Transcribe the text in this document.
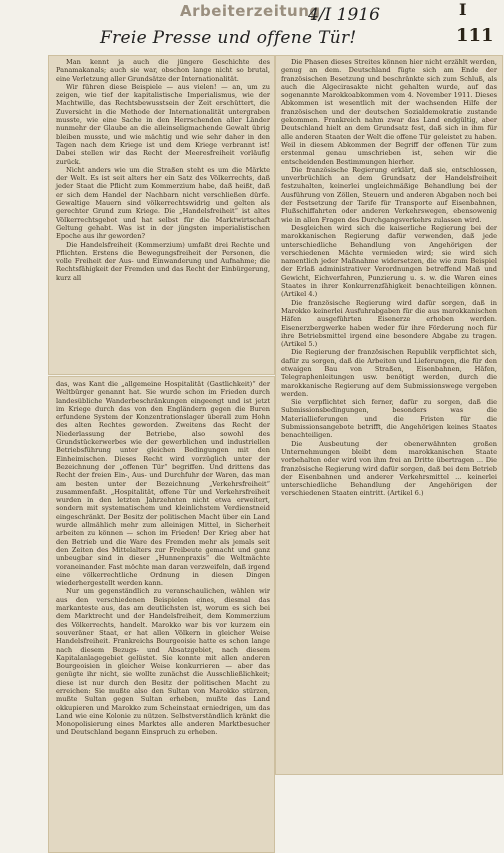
Arbeiterzeitung
4/I 1916
Freie Presse und offene Tür!
I
111

Man kennt ja auch die jüngere Geschichte des Panamakanals; auch sie war, obschon lange nicht so brutal, eine Verletzung aller Grundsätze der Internationalität.

Wir führen diese Beispiele — aus vielen! — an, um zu zeigen, wie tief der kapitalistische Imperialismus, wie der Machtwille, das Rechtsbewusstsein der Zeit erschüttert, die Zuversicht in die Methode der Internationalität untergraben musste, wie eine Sache in den Herrschenden aller Länder nunmehr der Glaube an die alleinseligmachende Gewalt übrig bleiben musste, und wie mächtig und wie sehr daher in den Tagen nach dem Kriege ist und dem Kriege verbrannt ist! Dabei stellen wir das Recht der Meeresfreiheit vorläufig zurück.

Nicht anders wie um die Straßen steht es um die Märkte der Welt. Es ist seit alters her ein Satz des Völkerrechts, daß jeder Staat die Pflicht zum Kommerzium habe, daß heißt, daß er sich dem Handel der Nachbarn nicht verschließen dürfe. Gewaltige Mauern sind völkerrechtswidrig und gelten als gerechter Grund zum Kriege. Die „Handelsfreiheit“ ist altes Völkerrechtsgebot und hat selbst für die Marktwirtschaft Geltung gehabt. Was ist in der jüngsten imperialistischen Epoche aus ihr geworden?

Die Handelsfreiheit (Kommerzium) umfaßt drei Rechte und Pflichten. Erstens die Bewegungsfreiheit der Personen, die volle Freiheit der Aus- und Einwanderung und Aufnahme; die Rechtsfähigkeit der Fremden und das Recht der Einbürgerung, kurz all

Die Phasen dieses Streites können hier nicht erzählt werden, genug an dem. Deutschland fügte sich am Ende der französischen Besetzung und beschränkte sich zum Schluß, als auch die Algecirasakte nicht gehalten wurde, auf das sogenannte Marokkoabkommen vom 4. November 1911. Dieses Abkommen ist wesentlich mit der wachsenden Hilfe der französischen und der deutschen Sozialdemokratie zustande gekommen. Frankreich nahm zwar das Land endgültig, aber Deutschland hielt an dem Grundsatz fest, daß sich in ihm für alle anderen Staaten der Welt die offene Tür geleistet zu haben. Weil in diesem Abkommen der Begriff der offenen Tür zum erstenmal genau umschrieben ist, sehen wir die entscheidenden Bestimmungen hierher.

Die französische Regierung erklärt, daß sie, entschlossen, unverbrüchlich an dem Grundsatz der Handelsfreiheit festzuhalten, keinerlei ungleichmäßige Behandlung bei der Ausführung von Zöllen, Steuern und anderen Abgaben noch bei der Festsetzung der Tarife für Transporte auf Eisenbahnen, Flußschiffahrten oder anderen Verkehrswegen, ebensowenig wie in allen Fragen des Durchgangsverkehrs zulassen wird.

Desgleichen wird sich die kaiserliche Regierung bei der marokkanischen Regierung dafür verwenden, daß jede unterschiedliche Behandlung von Angehörigen der verschiedenen Mächte vermieden wird; sie wird sich namentlich jeder Maßnahme widersetzen, die wie zum Beispiel der Erlaß administrativer Verordnungen betreffend Maß und Gewicht, Eichverfahren, Punzierung u. s. w. die Waren eines Staates in ihrer Konkurrenzfähigkeit benachteiligen können. (Artikel 4.)

Die französische Regierung wird dafür sorgen, daß in Marokko keinerlei Ausfuhrabgaben für die aus marokkanischen Häfen ausgeführten Eisenerze erhoben werden. Eisenerzbergwerke haben weder für ihre Förderung noch für ihre Betriebsmittel irgend eine besondere Abgabe zu tragen. (Artikel 5.)

Die Regierung der französischen Republik verpflichtet sich, dafür zu sorgen, daß die Arbeiten und Lieferungen, die für den etwaigen Bau von Straßen, Eisenbahnen, Häfen, Telegraphenleitungen usw. benötigt werden, durch die marokkanische Regierung auf dem Submissionswege vergeben werden.

Sie verpflichtet sich ferner, dafür zu sorgen, daß die Submissionsbedingungen, besonders was die Materiallieferungen und die Fristen für die Submissionsangebote betrifft, die Angehörigen keines Staates benachteiligen.

Die Ausbeutung der obenerwähnten großen Unternehmungen bleibt dem marokkanischen Staate vorbehalten oder wird von ihm frei an Dritte übertragen ... Die französische Regierung wird dafür sorgen, daß bei dem Betrieb der Eisenbahnen und anderer Verkehrsmittel ... keinerlei unterschiedliche Behandlung der Angehörigen der verschiedenen Staaten eintritt. (Artikel 6.)

das, was Kant die „allgemeine Hospitalität (Gastlichkeit)“ der Weltbürger genannt hat. Sie wurde schon im Frieden durch landesübliche Wanderbeschränkungen eingeengt und ist jetzt im Kriege durch das von den Engländern gegen die Buren erfundene System der Konzentrationslager überall zum Hohn des alten Rechtes geworden. Zweitens das Recht der Niederlassung der Betriebe, also sowohl des Grundstückerwerbes wie der gewerblichen und industriellen Betriebsführung unter gleichen Bedingungen mit den Einheimischen. Dieses Recht wird vorzüglich unter der Bezeichnung der „offenen Tür“ begriffen. Und drittens das Recht der freien Ein-, Aus- und Durchfuhr der Waren, das man am besten unter der Bezeichnung „Verkehrsfreiheit“ zusammenfaßt. „Hospitalität, offene Tür und Verkehrsfreiheit wurden in den letzten Jahrzehnten nicht etwa erweitert, sondern mit systematischem und kleinlichstem Verdienstneid eingeschränkt. Der Besitz der politischen Macht über ein Land wurde allmählich mehr zum alleinigen Mittel, in Sicherheit arbeiten zu können — schon im Frieden! Der Krieg aber hat den Betrieb und die Ware des Fremden mehr als jemals seit den Zeiten des Mittelalters zur Freibeute gemacht und ganz unbeugbar sind in dieser „Hunnenpraxis“ die Weltmächte voraneinander. Fast möchte man daran verzweifeln, daß irgend eine völkerrechtliche Ordnung in diesen Dingen wiederhergestellt werden kann.

Nur um gegenständlich zu veranschaulichen, wählen wir aus den verschiedenen Beispielen eines, diesmal das markanteste aus, das am deutlichsten ist, worum es sich bei dem Marktrecht und der Handelsfreiheit, dem Kommerzium des Völkerrechts, handelt. Marokko war bis vor kurzem ein souveräner Staat, er hat allen Völkern in gleicher Weise Handelsfreiheit. Frankreichs Bourgeoisie hatte es schon lange nach diesem Bezugs- und Absatzgebiet, nach diesem Kapitalanlagegebiet gelüstet. Sie konnte mit allen anderen Bourgeoisien in gleicher Weise konkurrieren — aber das genügte ihr nicht, sie wollte zunächst die Ausschließlichkeit; diese ist nur durch den Besitz der politischen Macht zu erreichen: Sie mußte also den Sultan von Marokko stürzen, mußte Sultan gegen Sultan erheben, mußte das Land okkupieren und Marokko zum Scheinstaat erniedrigen, um das Land wie eine Kolonie zu nützen. Selbstverständlich kränkt die Monopolisierung eines Marktes alle anderen Marktbesucher und Deutschland begann Einspruch zu erheben.
